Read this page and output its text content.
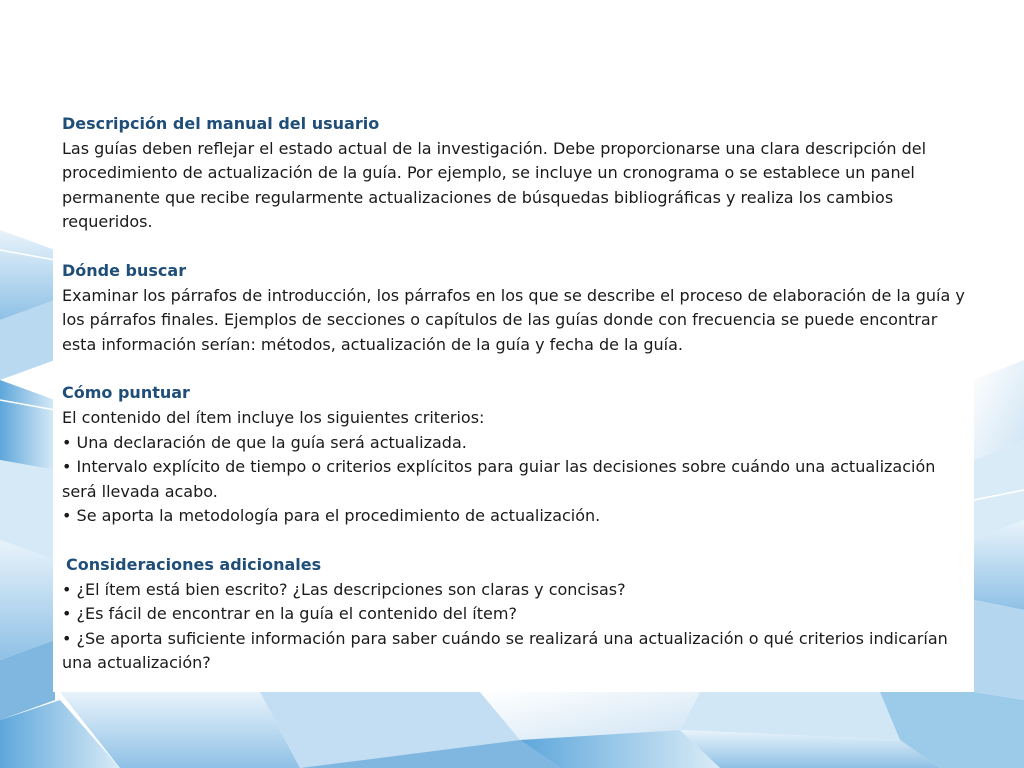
Descripción del manual del usuario

Las guías deben reflejar el estado actual de la investigación. Debe proporcionarse una clara descripción del procedimiento de actualización de la guía. Por ejemplo, se incluye un cronograma o se establece un panel permanente que recibe regularmente actualizaciones de búsquedas bibliográficas y realiza los cambios requeridos.

Dónde buscar

Examinar los párrafos de introducción, los párrafos en los que se describe el proceso de elaboración de la guía y los párrafos finales. Ejemplos de secciones o capítulos de las guías donde con frecuencia se puede encontrar esta información serían: métodos, actualización de la guía y fecha de la guía.

Cómo puntuar

El contenido del ítem incluye los siguientes criterios:

• Una declaración de que la guía será actualizada.

• Intervalo explícito de tiempo o criterios explícitos para guiar las decisiones sobre cuándo una actualización será llevada acabo.

• Se aporta la metodología para el procedimiento de actualización.

Consideraciones adicionales

• ¿El ítem está bien escrito? ¿Las descripciones son claras y concisas?

• ¿Es fácil de encontrar en la guía el contenido del ítem?

• ¿Se aporta suficiente información para saber cuándo se realizará una actualización o qué criterios indicarían una actualización?
